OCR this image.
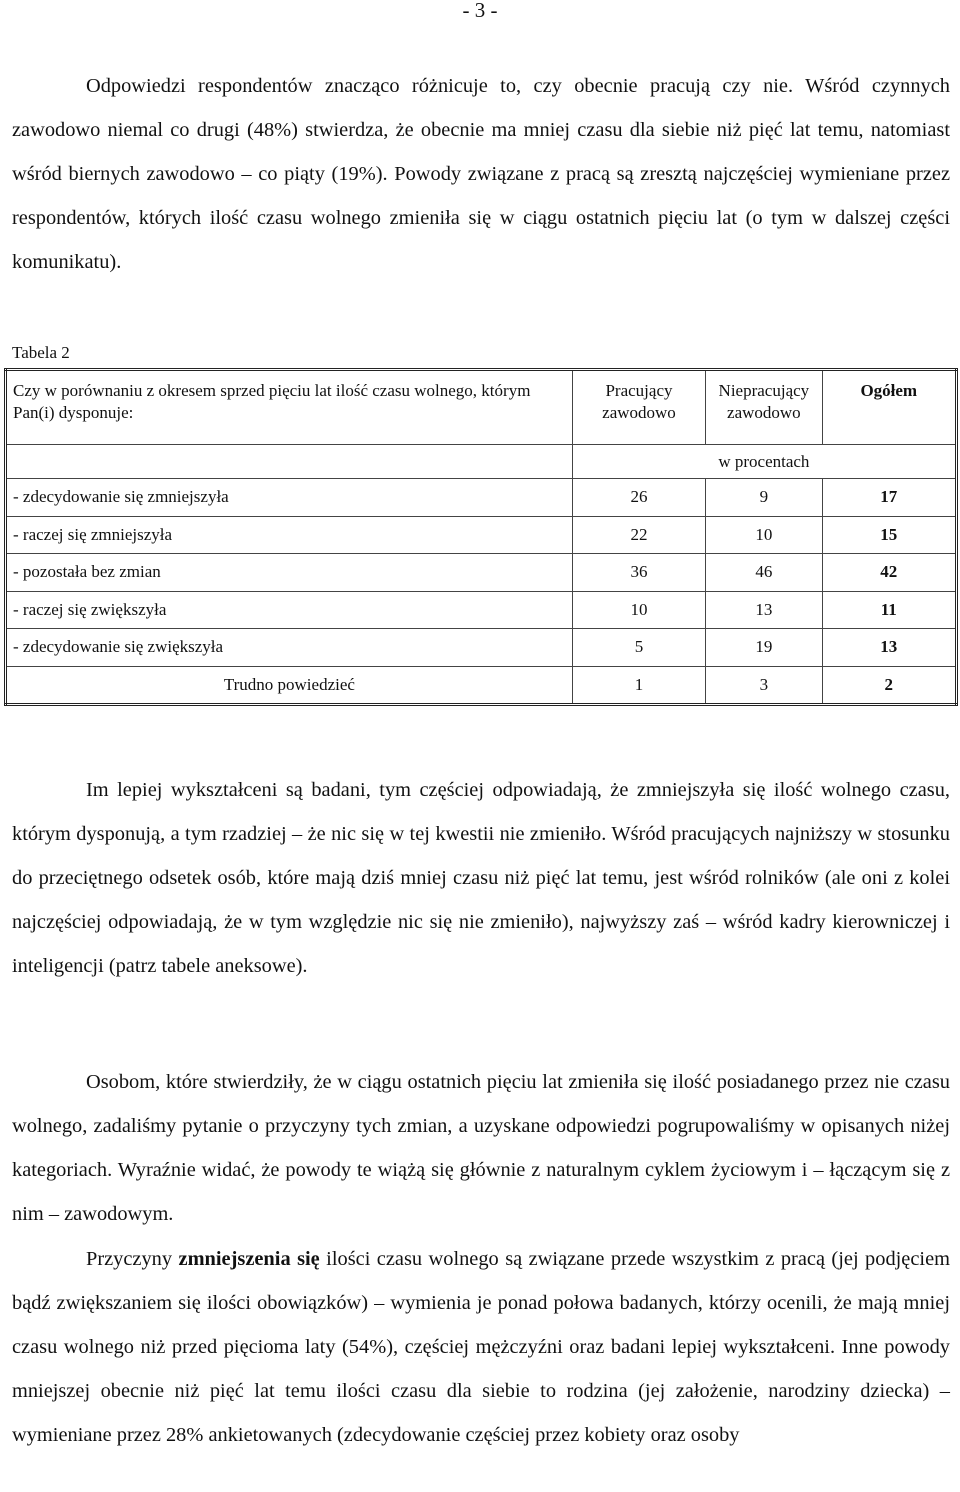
- 3 -

Odpowiedzi respondentów znacząco różnicuje to, czy obecnie pracują czy nie. Wśród czynnych zawodowo niemal co drugi (48%) stwierdza, że obecnie ma mniej czasu dla siebie niż pięć lat temu, natomiast wśród biernych zawodowo – co piąty (19%). Powody związane z pracą są zresztą najczęściej wymieniane przez respondentów, których ilość czasu wolnego zmieniła się w ciągu ostatnich pięciu lat (o tym w dalszej części komunikatu).

Tabela 2
Czy w porównaniu z okresem sprzed pięciu lat ilość czasu wolnego, którym Pan(i) dysponuje:	Pracujący zawodowo	Niepracujący zawodowo	Ogółem
	w procentach		
- zdecydowanie się zmniejszyła	26	9	17
- raczej się zmniejszyła	22	10	15
- pozostała bez zmian	36	46	42
- raczej się zwiększyła	10	13	11
- zdecydowanie się zwiększyła	5	19	13
Trudno powiedzieć	1	3	2

Im lepiej wykształceni są badani, tym częściej odpowiadają, że zmniejszyła się ilość wolnego czasu, którym dysponują, a tym rzadziej – że nic się w tej kwestii nie zmieniło. Wśród pracujących najniższy w stosunku do przeciętnego odsetek osób, które mają dziś mniej czasu niż pięć lat temu, jest wśród rolników (ale oni z kolei najczęściej odpowiadają, że w tym względzie nic się nie zmieniło), najwyższy zaś – wśród kadry kierowniczej i inteligencji (patrz tabele aneksowe).

Osobom, które stwierdziły, że w ciągu ostatnich pięciu lat zmieniła się ilość posiadanego przez nie czasu wolnego, zadaliśmy pytanie o przyczyny tych zmian, a uzyskane odpowiedzi pogrupowaliśmy w opisanych niżej kategoriach. Wyraźnie widać, że powody te wiążą się głównie z naturalnym cyklem życiowym i – łączącym się z nim – zawodowym.

Przyczyny zmniejszenia się ilości czasu wolnego są związane przede wszystkim z pracą (jej podjęciem bądź zwiększaniem się ilości obowiązków) – wymienia je ponad połowa badanych, którzy ocenili, że mają mniej czasu wolnego niż przed pięcioma laty (54%), częściej mężczyźni oraz badani lepiej wykształceni. Inne powody mniejszej obecnie niż pięć lat temu ilości czasu dla siebie to rodzina (jej założenie, narodziny dziecka) – wymieniane przez 28% ankietowanych (zdecydowanie częściej przez kobiety oraz osoby
